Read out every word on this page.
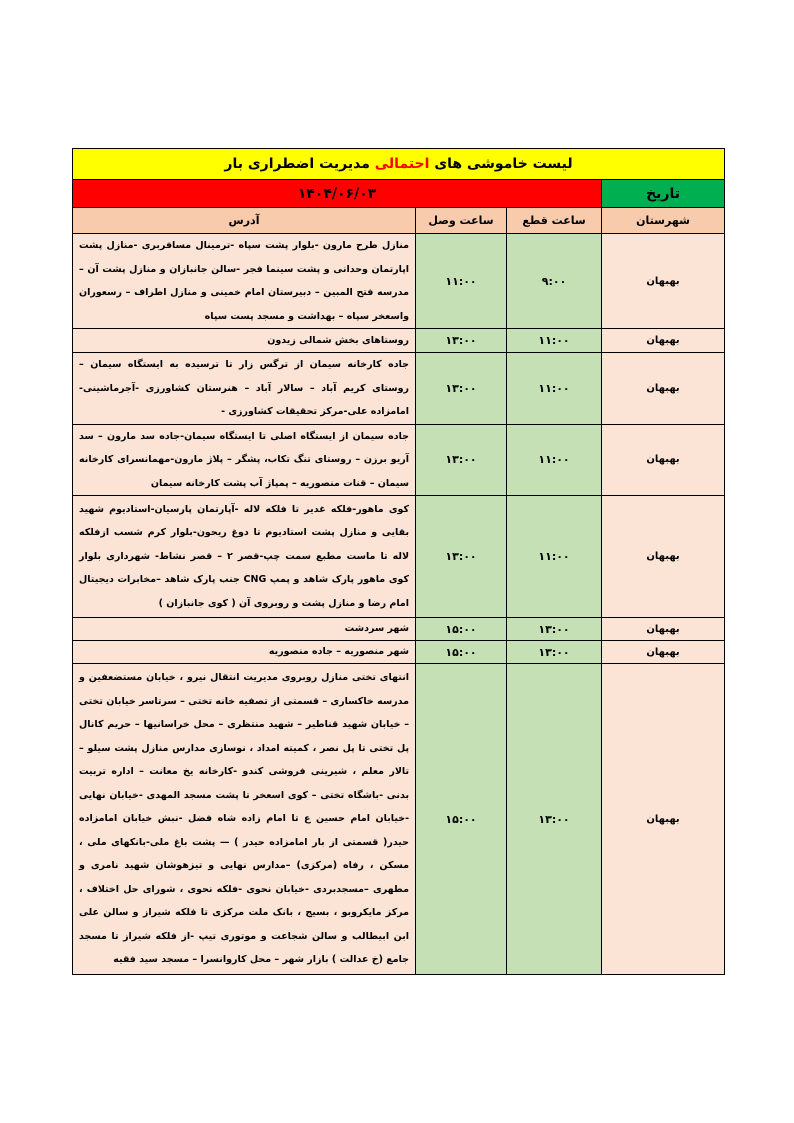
لیست خاموشی های احتمالی مدیریت اضطراری بار			
تاریخ	۱۴۰۴/۰۶/۰۳		
شهرستان	ساعت قطع	ساعت وصل	آدرس
بهبهان	۹:۰۰	۱۱:۰۰	منازل طرح مارون -بلوار پشت سپاه -ترمینال مسافربری -منازل پشت اپارتمان وحدانی و پشت سینما فجر -سالن جانبازان و منازل پشت آن – مدرسه فتح المبین – دبیرستان امام خمینی و منازل اطراف – رسعوران واسعخر سپاه – بهداشت و مسجد پست سپاه
بهبهان	۱۱:۰۰	۱۳:۰۰	روستاهای بخش شمالی زیدون
بهبهان	۱۱:۰۰	۱۳:۰۰	جاده کارخانه سیمان از ترگس زار تا ترسیده به ایستگاه سیمان – روستای کریم آباد – سالار آباد – هنرستان کشاورزی -آجرماشینی-امامزاده علی-مرکز تحقیقات کشاورزی -
بهبهان	۱۱:۰۰	۱۳:۰۰	جاده سیمان از ایستگاه اصلی تا ایستگاه سیمان-جاده سد مارون – سد آریو برزن – روستای تنگ تکاب، پشگر – پلاژ مارون-مهمانسرای کارخانه سیمان – قنات منصوریه – پمپاژ آب پشت کارخانه سیمان
بهبهان	۱۱:۰۰	۱۳:۰۰	کوی ماهور-فلکه غدیر تا فلکه لاله -آپارتمان پارسیان-استادیوم شهید بقایی و منازل پشت استادیوم تا دوغ ریحون-بلوار کرم شسب ازفلکه لاله تا ماست مطبع سمت چپ-قصر ۲ – قصر نشاط- شهرداری بلوار کوی ماهور پارک شاهد و پمپ CNG جنب پارک شاهد –مخابرات دیجیتال امام رضا و منازل پشت و روبروی آن ( کوی جانبازان )
بهبهان	۱۳:۰۰	۱۵:۰۰	شهر سردشت
بهبهان	۱۳:۰۰	۱۵:۰۰	شهر منصوریه – جاده منصوریه
بهبهان	۱۳:۰۰	۱۵:۰۰	انتهای تختی منازل روبروی مدیریت انتقال نیرو ، خیابان مستضعفین و مدرسه خاکساری – قسمتی از تصفیه خانه تختی – سرتاسر خیابان تختی – خیابان شهید قناطیر – شهید منتظری – محل خراسانیها – حریم کانال پل تختی تا پل نصر ، کمیته امداد ، نوسازی مدارس منازل پشت سیلو – تالار معلم ، شیرینی فروشی کندو -کارخانه یخ معانت – اداره تربیت بدنی -باشگاه تختی – کوی اسعخر تا پشت مسجد المهدی -خیابان نهایی -خیابان امام حسین ع تا امام زاده شاه فضل -نبش خیابان امامزاده حیدر( قسمتی از بار امامزاده حیدر ) — پشت باغ ملی-بانکهای ملی ، مسکن ، رفاه (مرکزی) –مدارس نهایی و تیزهوشان شهید نامری و مطهری –مسجدبردی -خیابان نحوی -فلکه نحوی ، شورای حل اختلاف ، مرکز مایکروبو ، بسیج ، بانک ملت مرکزی تا فلکه شیراز و سالن علی ابن ابیطالب و سالن شجاعت و موتوری تیپ -از فلکه شیراز تا مسجد جامع (خ عدالت ) بازار شهر – محل کاروانسرا – مسجد سید فقیه
